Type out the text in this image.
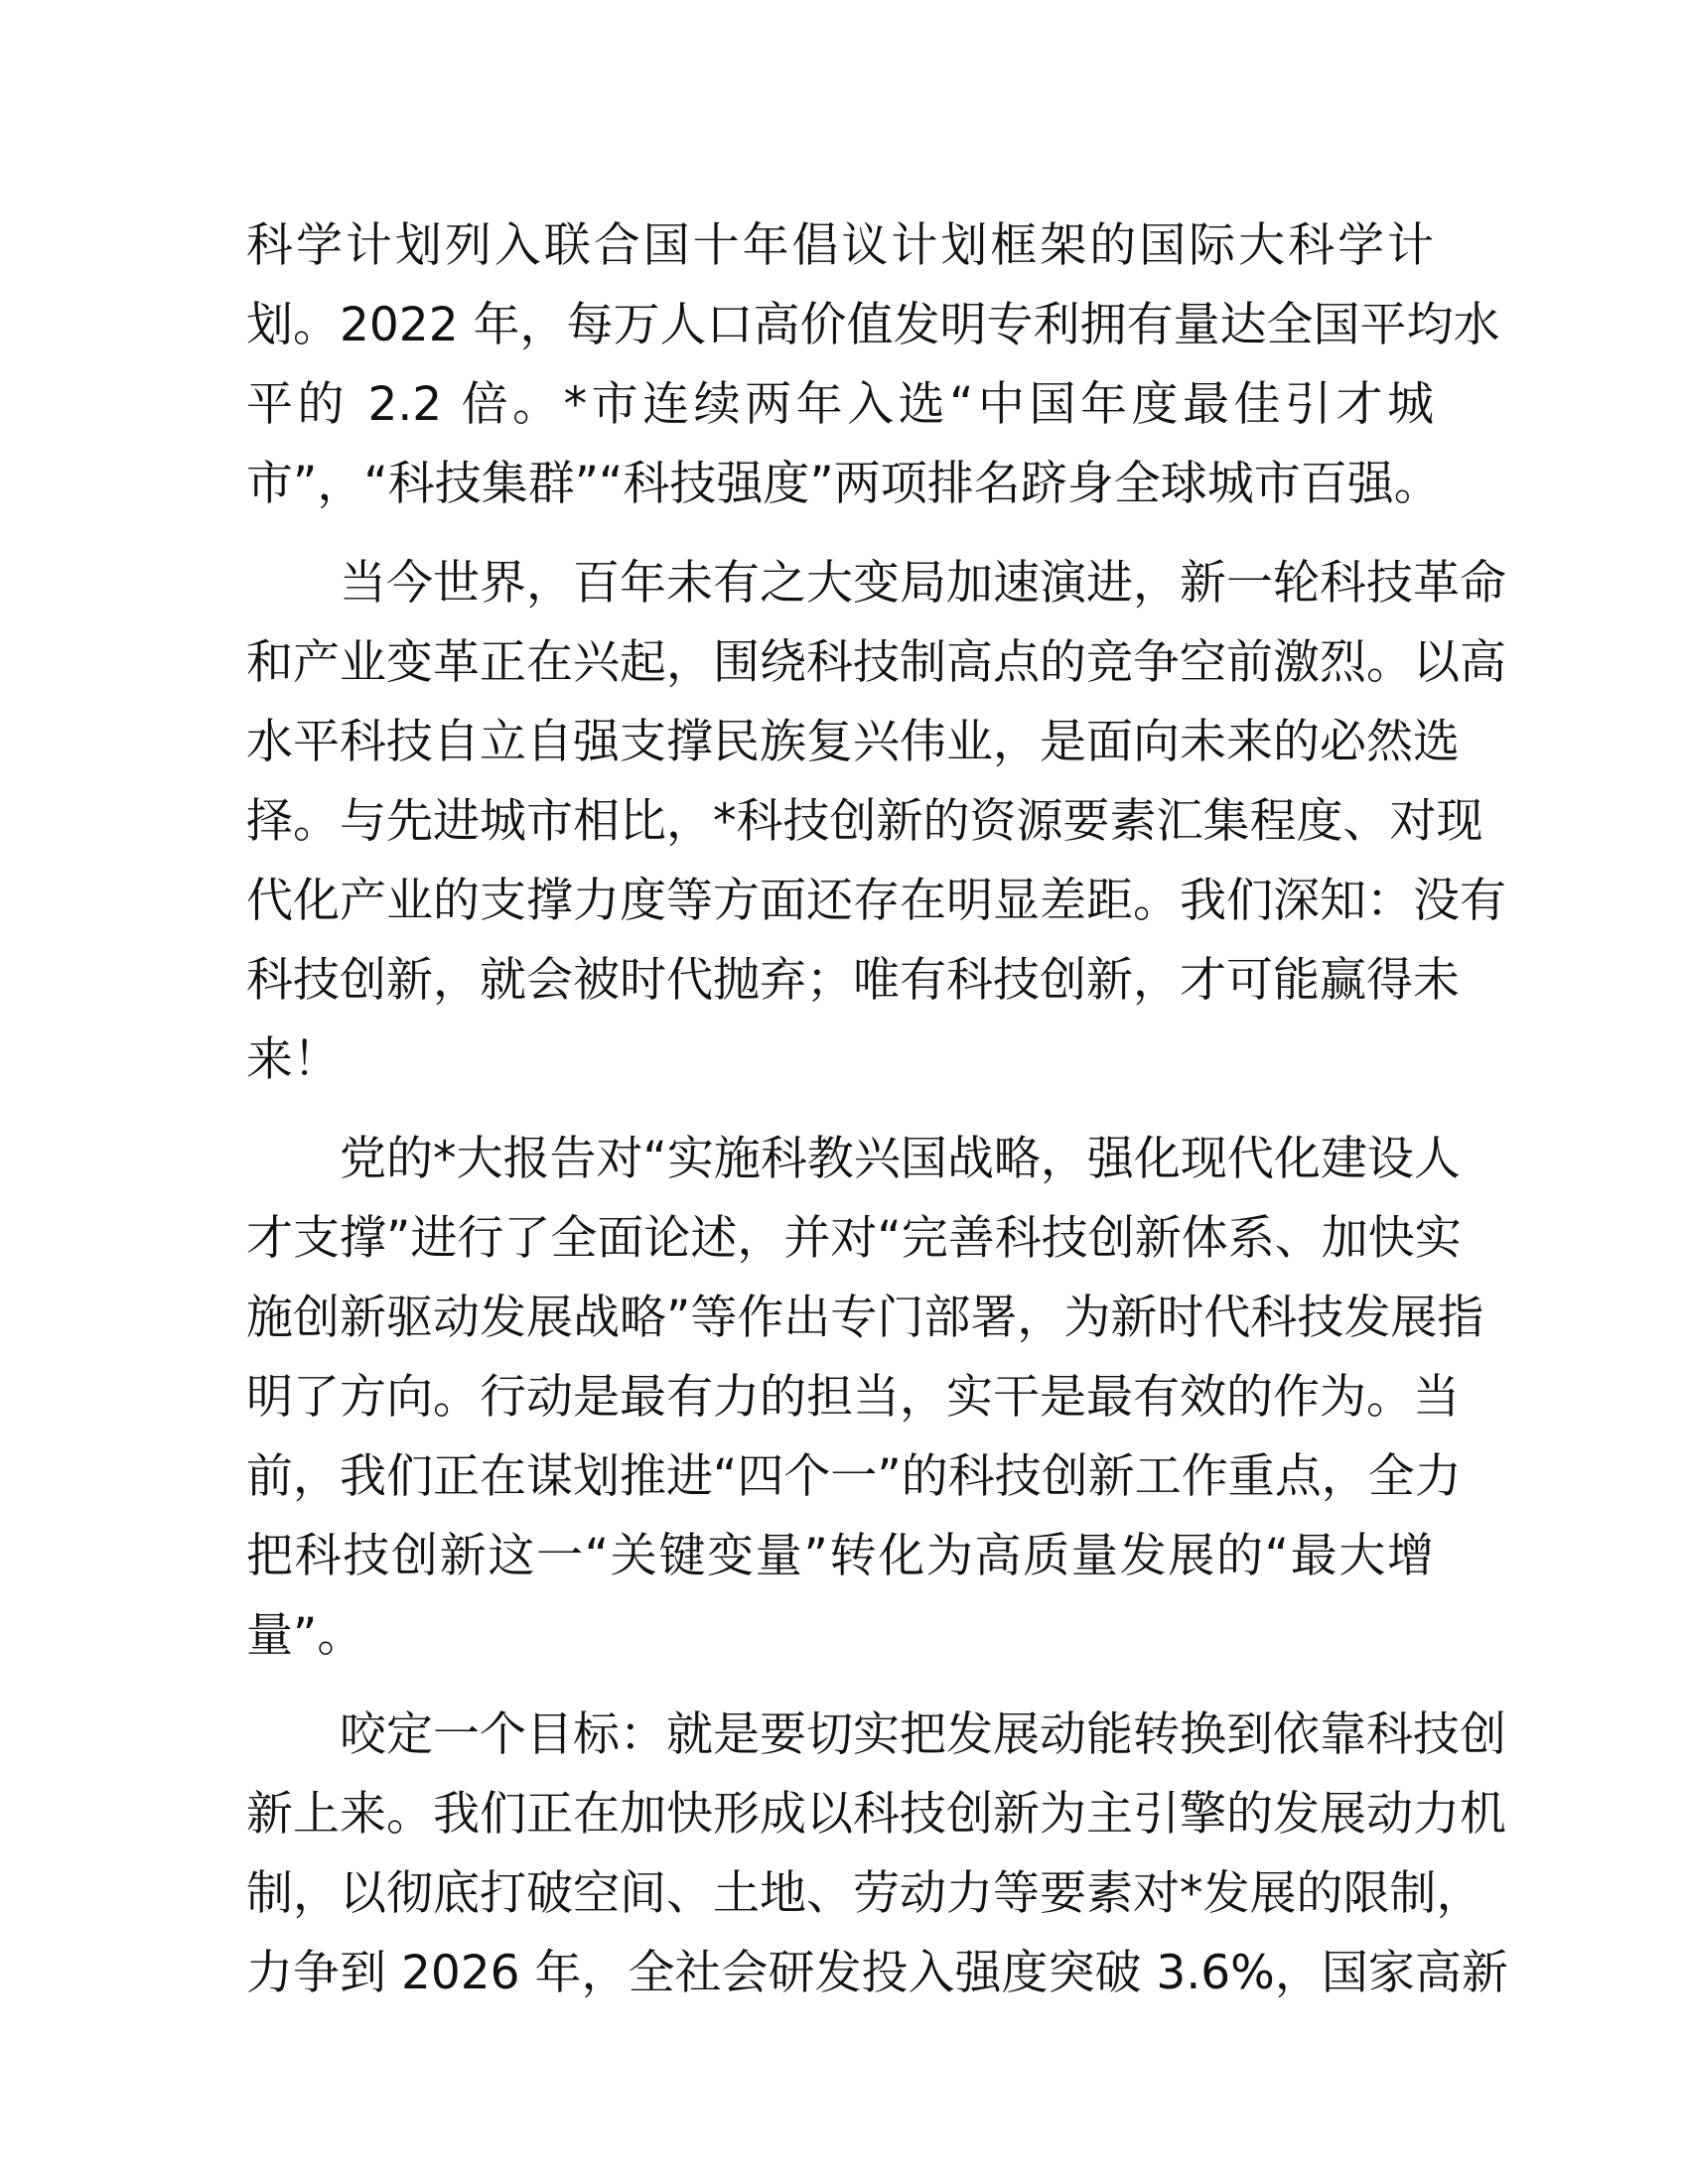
科学计划列入联合国十年倡议计划框架的国际大科学计
划。2022 年，每万人口高价值发明专利拥有量达全国平均水
平的 2.2 倍。*市连续两年入选“中国年度最佳引才城
市”，“科技集群”“科技强度”两项排名跻身全球城市百强。

当今世界，百年未有之大变局加速演进，新一轮科技革命
和产业变革正在兴起，围绕科技制高点的竞争空前激烈。以高
水平科技自立自强支撑民族复兴伟业，是面向未来的必然选
择。与先进城市相比，*科技创新的资源要素汇集程度、对现
代化产业的支撑力度等方面还存在明显差距。我们深知：没有
科技创新，就会被时代抛弃；唯有科技创新，才可能赢得未
来！

党的*大报告对“实施科教兴国战略，强化现代化建设人
才支撑”进行了全面论述，并对“完善科技创新体系、加快实
施创新驱动发展战略”等作出专门部署，为新时代科技发展指
明了方向。行动是最有力的担当，实干是最有效的作为。当
前，我们正在谋划推进“四个一”的科技创新工作重点，全力
把科技创新这一“关键变量”转化为高质量发展的“最大增
量”。

咬定一个目标：就是要切实把发展动能转换到依靠科技创
新上来。我们正在加快形成以科技创新为主引擎的发展动力机
制，以彻底打破空间、土地、劳动力等要素对*发展的限制，
力争到 2026 年，全社会研发投入强度突破 3.6%，国家高新
